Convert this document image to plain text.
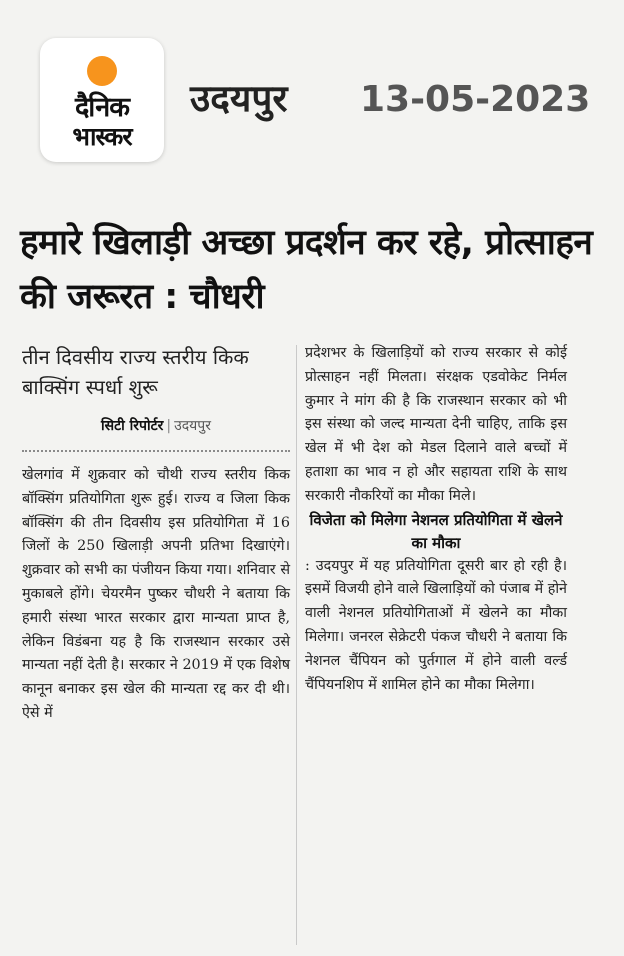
दैनिक
भास्कर
उदयपुर 13-05-2023
हमारे खिलाड़ी अच्छा प्रदर्शन कर रहे, प्रोत्साहन की जरूरत : चौधरी

तीन दिवसीय राज्य स्तरीय किक बाक्सिंग स्पर्धा शुरू

सिटी रिपोर्टर | उदयपुर

खेलगांव में शुक्रवार को चौथी राज्य स्तरीय किक बॉक्सिंग प्रतियोगिता शुरू हुई। राज्य व जिला किक बॉक्सिंग की तीन दिवसीय इस प्रतियोगिता में 16 जिलों के 250 खिलाड़ी अपनी प्रतिभा दिखाएंगे। शुक्रवार को सभी का पंजीयन किया गया। शनिवार से मुकाबले होंगे। चेयरमैन पुष्कर चौधरी ने बताया कि हमारी संस्था भारत सरकार द्वारा मान्यता प्राप्त है, लेकिन विडंबना यह है कि राजस्थान सरकार उसे मान्यता नहीं देती है। सरकार ने 2019 में एक विशेष कानून बनाकर इस खेल की मान्यता रद्द कर दी थी। ऐसे में

प्रदेशभर के खिलाड़ियों को राज्य सरकार से कोई प्रोत्साहन नहीं मिलता। संरक्षक एडवोकेट निर्मल कुमार ने मांग की है कि राजस्थान सरकार को भी इस संस्था को जल्द मान्यता देनी चाहिए, ताकि इस खेल में भी देश को मेडल दिलाने वाले बच्चों में हताशा का भाव न हो और सहायता राशि के साथ सरकारी नौकरियों का मौका मिले।

विजेता को मिलेगा नेशनल प्रतियोगिता में खेलने का मौका

: उदयपुर में यह प्रतियोगिता दूसरी बार हो रही है। इसमें विजयी होने वाले खिलाड़ियों को पंजाब में होने वाली नेशनल प्रतियोगिताओं में खेलने का मौका मिलेगा। जनरल सेक्रेटरी पंकज चौधरी ने बताया कि नेशनल चैंपियन को पुर्तगाल में होने वाली वर्ल्ड चैंपियनशिप में शामिल होने का मौका मिलेगा।
